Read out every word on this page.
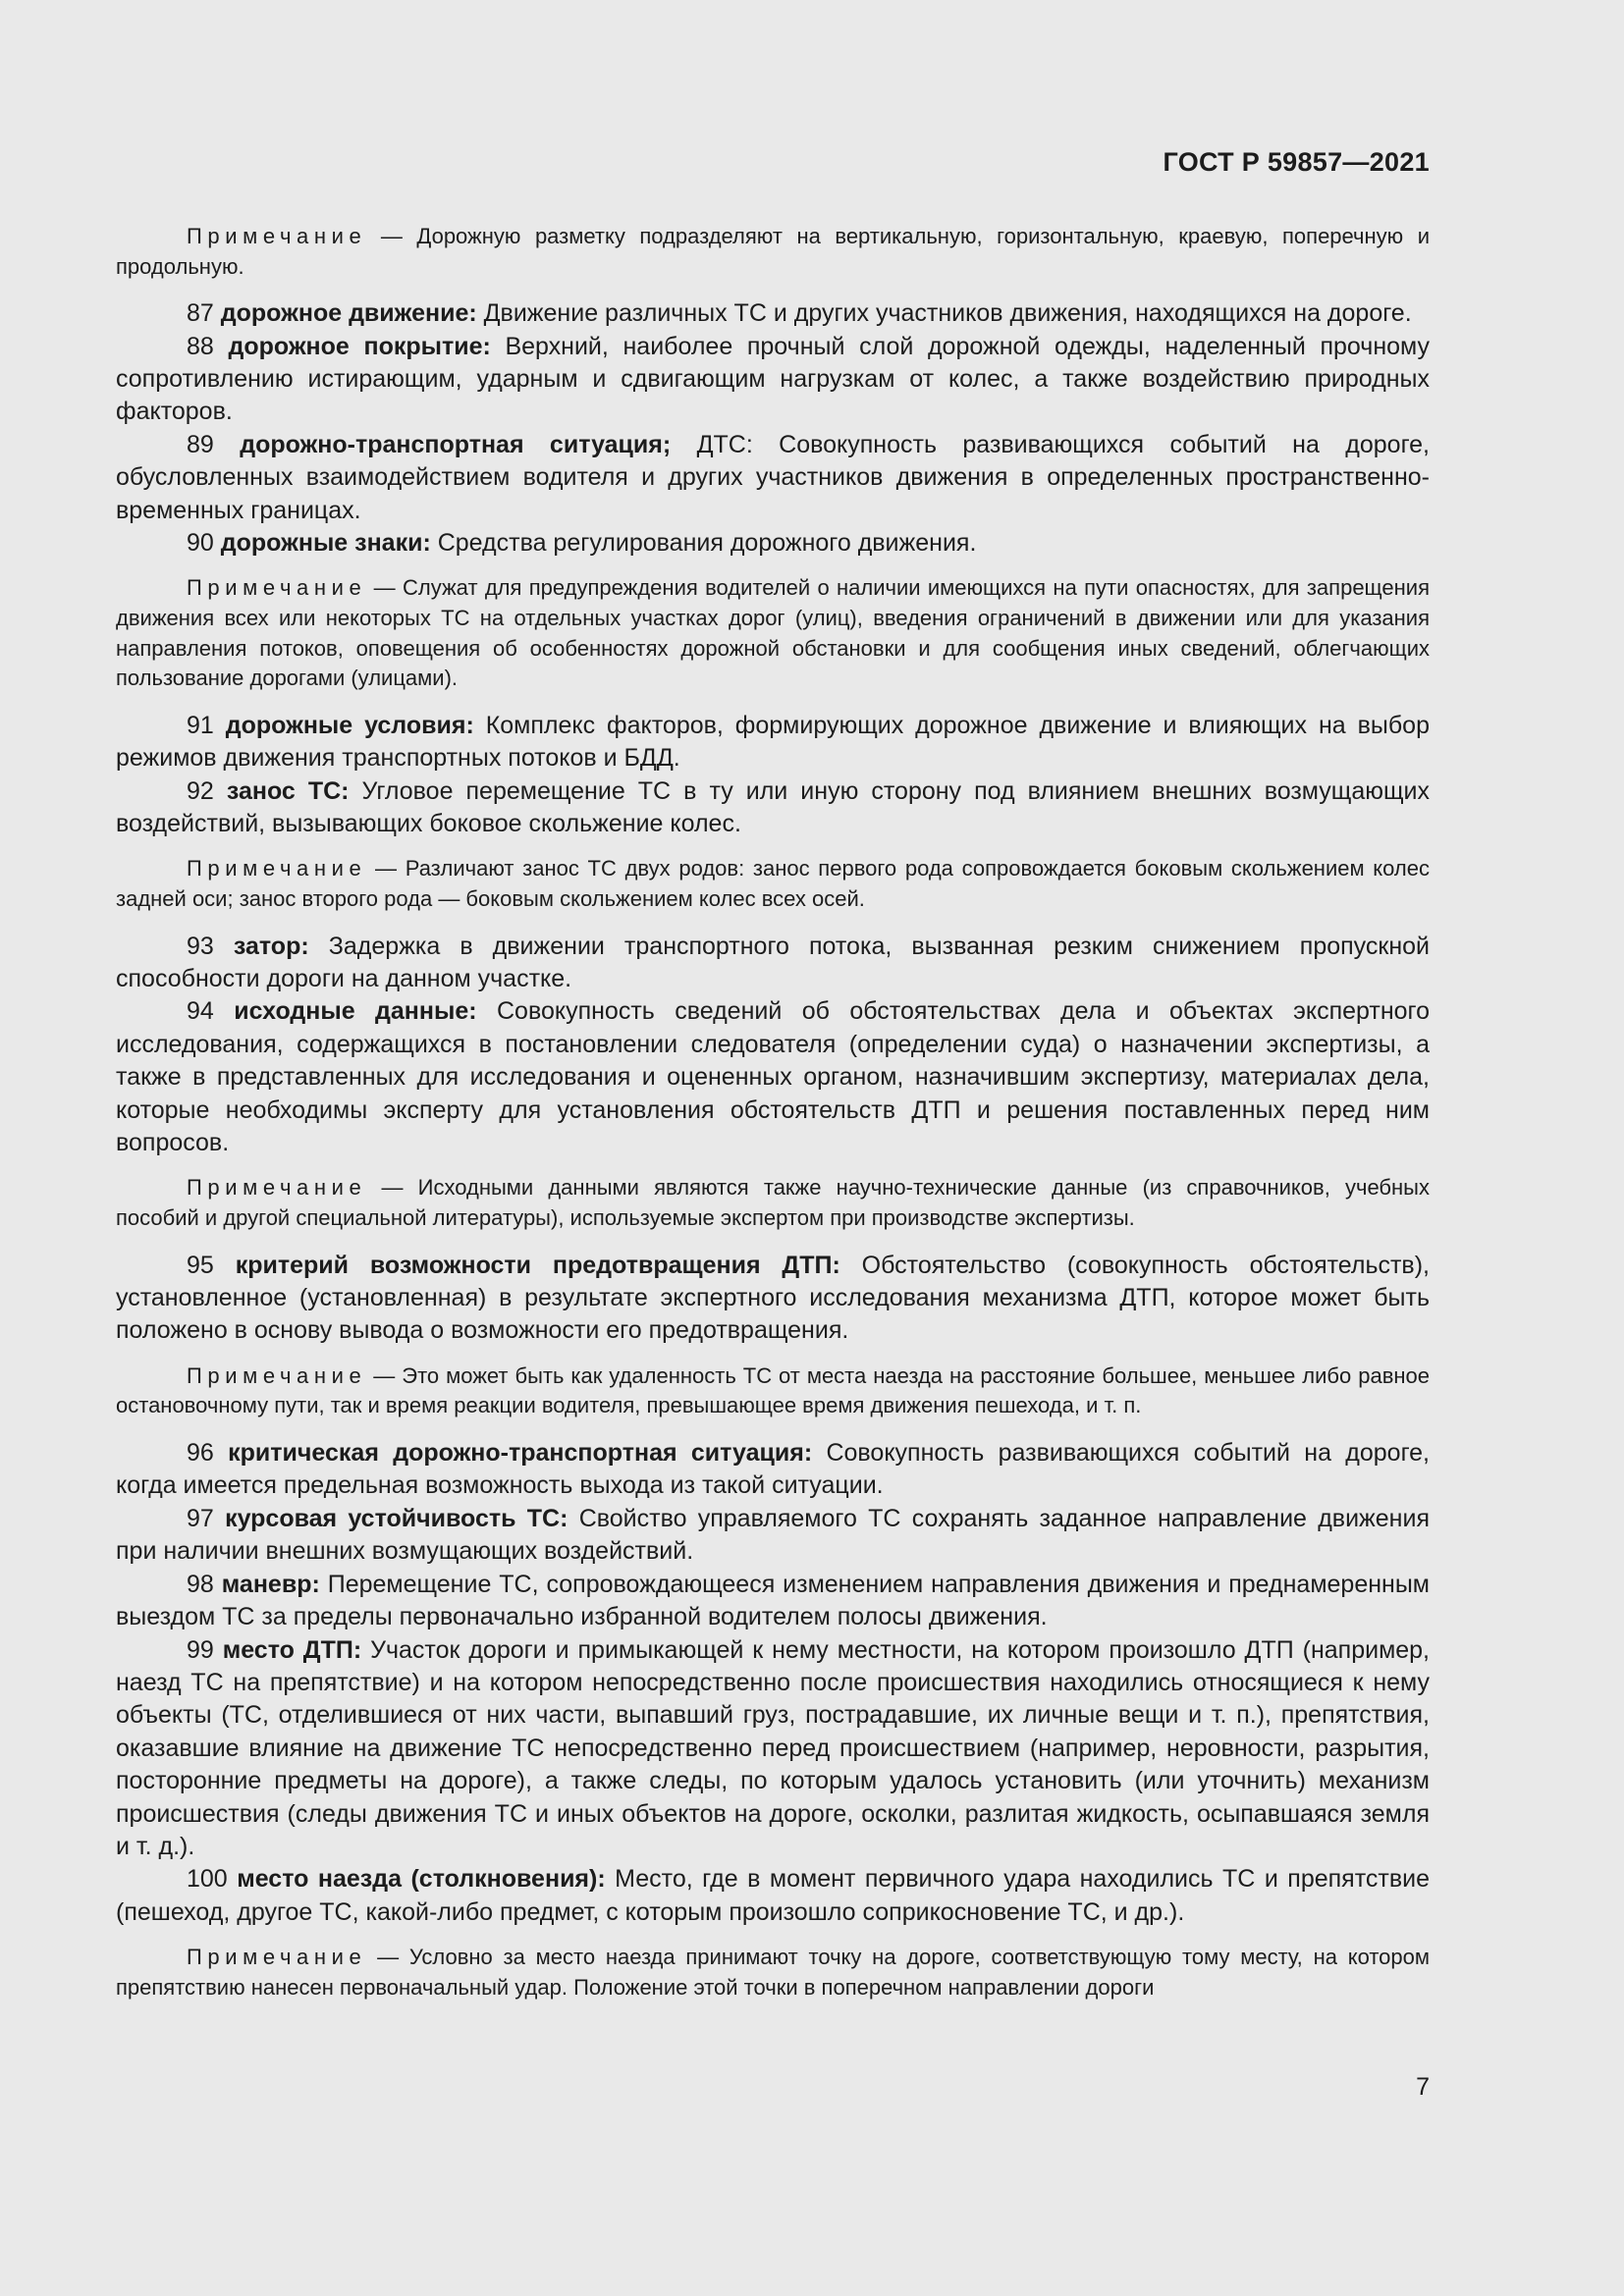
ГОСТ Р 59857—2021

Примечание — Дорожную разметку подразделяют на вертикальную, горизонтальную, краевую, поперечную и продольную.

87 дорожное движение: Движение различных ТС и других участников движения, находящихся на дороге.

88 дорожное покрытие: Верхний, наиболее прочный слой дорожной одежды, наделенный прочному сопротивлению истирающим, ударным и сдвигающим нагрузкам от колес, а также воздействию природных факторов.

89 дорожно-транспортная ситуация; ДТС: Совокупность развивающихся событий на дороге, обусловленных взаимодействием водителя и других участников движения в определенных пространственно-временных границах.

90 дорожные знаки: Средства регулирования дорожного движения.

Примечание — Служат для предупреждения водителей о наличии имеющихся на пути опасностях, для запрещения движения всех или некоторых ТС на отдельных участках дорог (улиц), введения ограничений в движении или для указания направления потоков, оповещения об особенностях дорожной обстановки и для сообщения иных сведений, облегчающих пользование дорогами (улицами).

91 дорожные условия: Комплекс факторов, формирующих дорожное движение и влияющих на выбор режимов движения транспортных потоков и БДД.

92 занос ТС: Угловое перемещение ТС в ту или иную сторону под влиянием внешних возмущающих воздействий, вызывающих боковое скольжение колес.

Примечание — Различают занос ТС двух родов: занос первого рода сопровождается боковым скольжением колес задней оси; занос второго рода — боковым скольжением колес всех осей.

93 затор: Задержка в движении транспортного потока, вызванная резким снижением пропускной способности дороги на данном участке.

94 исходные данные: Совокупность сведений об обстоятельствах дела и объектах экспертного исследования, содержащихся в постановлении следователя (определении суда) о назначении экспертизы, а также в представленных для исследования и оцененных органом, назначившим экспертизу, материалах дела, которые необходимы эксперту для установления обстоятельств ДТП и решения поставленных перед ним вопросов.

Примечание — Исходными данными являются также научно-технические данные (из справочников, учебных пособий и другой специальной литературы), используемые экспертом при производстве экспертизы.

95 критерий возможности предотвращения ДТП: Обстоятельство (совокупность обстоятельств), установленное (установленная) в результате экспертного исследования механизма ДТП, которое может быть положено в основу вывода о возможности его предотвращения.

Примечание — Это может быть как удаленность ТС от места наезда на расстояние большее, меньшее либо равное остановочному пути, так и время реакции водителя, превышающее время движения пешехода, и т. п.

96 критическая дорожно-транспортная ситуация: Совокупность развивающихся событий на дороге, когда имеется предельная возможность выхода из такой ситуации.

97 курсовая устойчивость ТС: Свойство управляемого ТС сохранять заданное направление движения при наличии внешних возмущающих воздействий.

98 маневр: Перемещение ТС, сопровождающееся изменением направления движения и преднамеренным выездом ТС за пределы первоначально избранной водителем полосы движения.

99 место ДТП: Участок дороги и примыкающей к нему местности, на котором произошло ДТП (например, наезд ТС на препятствие) и на котором непосредственно после происшествия находились относящиеся к нему объекты (ТС, отделившиеся от них части, выпавший груз, пострадавшие, их личные вещи и т. п.), препятствия, оказавшие влияние на движение ТС непосредственно перед происшествием (например, неровности, разрытия, посторонние предметы на дороге), а также следы, по которым удалось установить (или уточнить) механизм происшествия (следы движения ТС и иных объектов на дороге, осколки, разлитая жидкость, осыпавшаяся земля и т. д.).

100 место наезда (столкновения): Место, где в момент первичного удара находились ТС и препятствие (пешеход, другое ТС, какой-либо предмет, с которым произошло соприкосновение ТС, и др.).

Примечание — Условно за место наезда принимают точку на дороге, соответствующую тому месту, на котором препятствию нанесен первоначальный удар. Положение этой точки в поперечном направлении дороги

7
